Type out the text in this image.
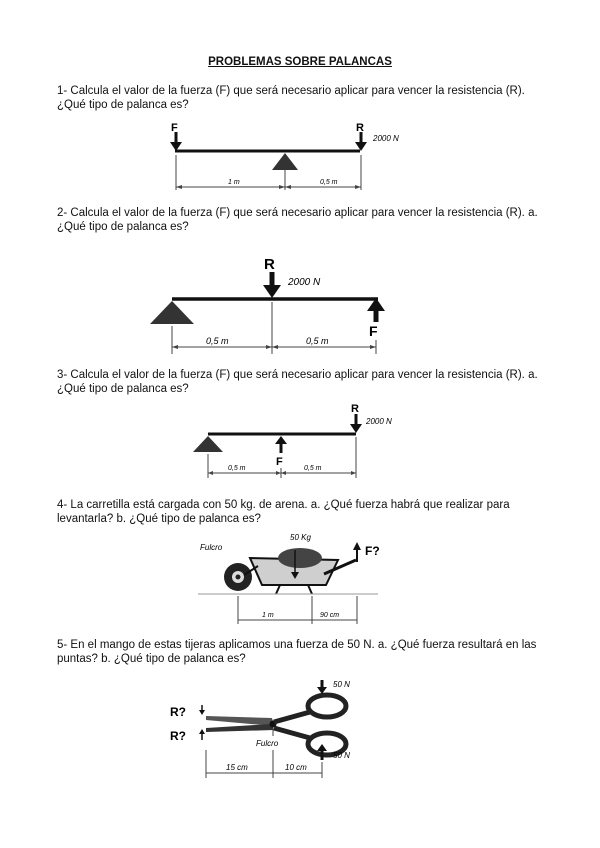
PROBLEMAS SOBRE PALANCAS
1- Calcula el valor de la fuerza (F) que será necesario aplicar para vencer la resistencia (R). ¿Qué tipo de palanca es?
F	R
2000 N
1 m	0,5 m
2- Calcula el valor de la fuerza (F) que será necesario aplicar para vencer la resistencia (R). a. ¿Qué tipo de palanca es?
R
2000 N
F
0,5 m	0,5 m
3- Calcula el valor de la fuerza (F) que será necesario aplicar para vencer la resistencia (R). a. ¿Qué tipo de palanca es?
R
2000 N
F
0,5 m	0,5 m
4- La carretilla está cargada con 50 kg. de arena. a. ¿Qué fuerza habrá que realizar para levantarla? b. ¿Qué tipo de palanca es?
Fulcro
50 Kg
F?
1 m	90 cm
5- En el mango de estas tijeras aplicamos una fuerza de 50 N. a. ¿Qué fuerza resultará en las puntas? b. ¿Qué tipo de palanca es?
R?
R?
50 N
50 N
Fulcro
15 cm	10 cm
